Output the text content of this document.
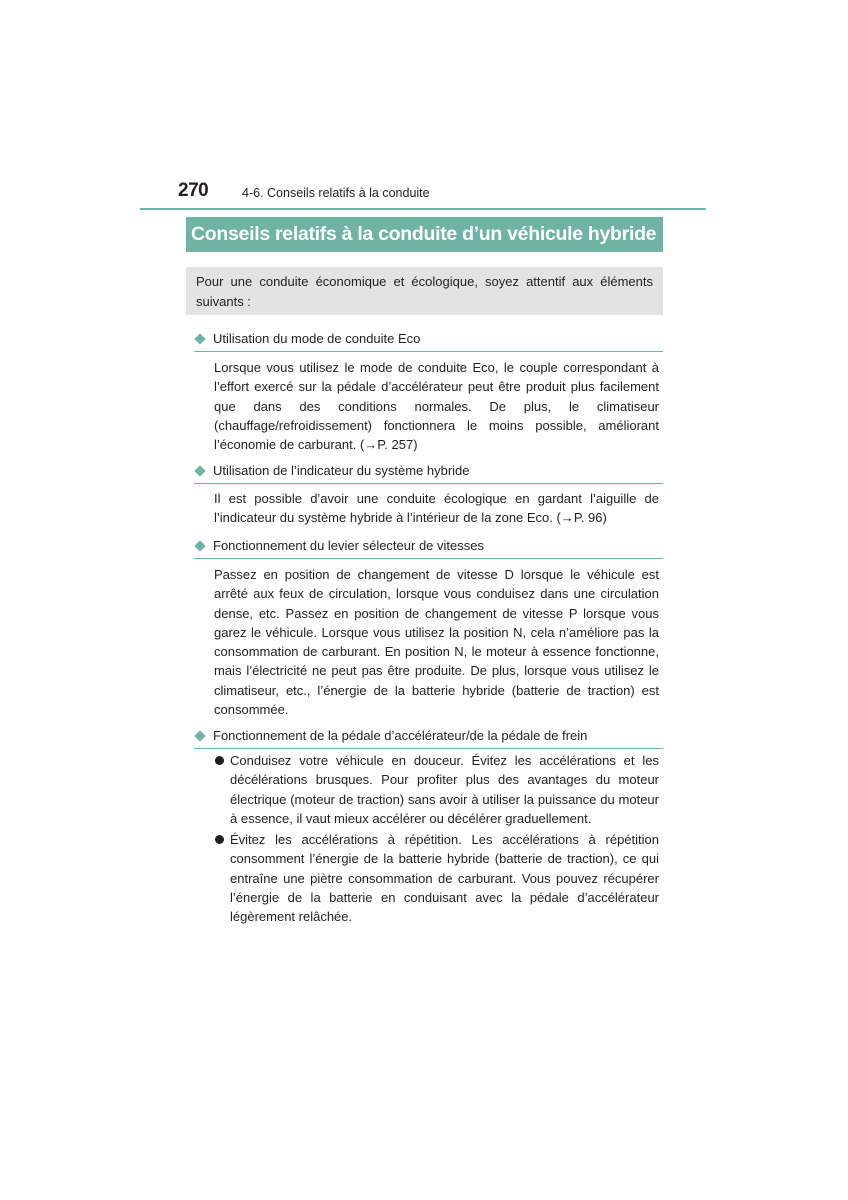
270	4-6. Conseils relatifs à la conduite
Conseils relatifs à la conduite d’un véhicule hybride
Pour une conduite économique et écologique, soyez attentif aux éléments suivants :
Utilisation du mode de conduite Eco

Lorsque vous utilisez le mode de conduite Eco, le couple correspondant à l’effort exercé sur la pédale d’accélérateur peut être produit plus facilement que dans des conditions normales. De plus, le climatiseur (chauffage/refroidissement) fonctionnera le moins possible, améliorant l’économie de carburant. (→P. 257)

Utilisation de l’indicateur du système hybride

Il est possible d’avoir une conduite écologique en gardant l’aiguille de l’indicateur du système hybride à l’intérieur de la zone Eco. (→P. 96)

Fonctionnement du levier sélecteur de vitesses

Passez en position de changement de vitesse D lorsque le véhicule est arrêté aux feux de circulation, lorsque vous conduisez dans une circulation dense, etc. Passez en position de changement de vitesse P lorsque vous garez le véhicule. Lorsque vous utilisez la position N, cela n’améliore pas la consommation de carburant. En position N, le moteur à essence fonctionne, mais l’électricité ne peut pas être produite. De plus, lorsque vous utilisez le climatiseur, etc., l’énergie de la batterie hybride (batterie de traction) est consommée.

Fonctionnement de la pédale d’accélérateur/de la pédale de frein
Conduisez votre véhicule en douceur. Évitez les accélérations et les décélérations brusques. Pour profiter plus des avantages du moteur électrique (moteur de traction) sans avoir à utiliser la puissance du moteur à essence, il vaut mieux accélérer ou décélérer graduellement.
Évitez les accélérations à répétition. Les accélérations à répétition consomment l’énergie de la batterie hybride (batterie de traction), ce qui entraîne une piètre consommation de carburant. Vous pouvez récupérer l’énergie de la batterie en conduisant avec la pédale d’accélérateur légèrement relâchée.
